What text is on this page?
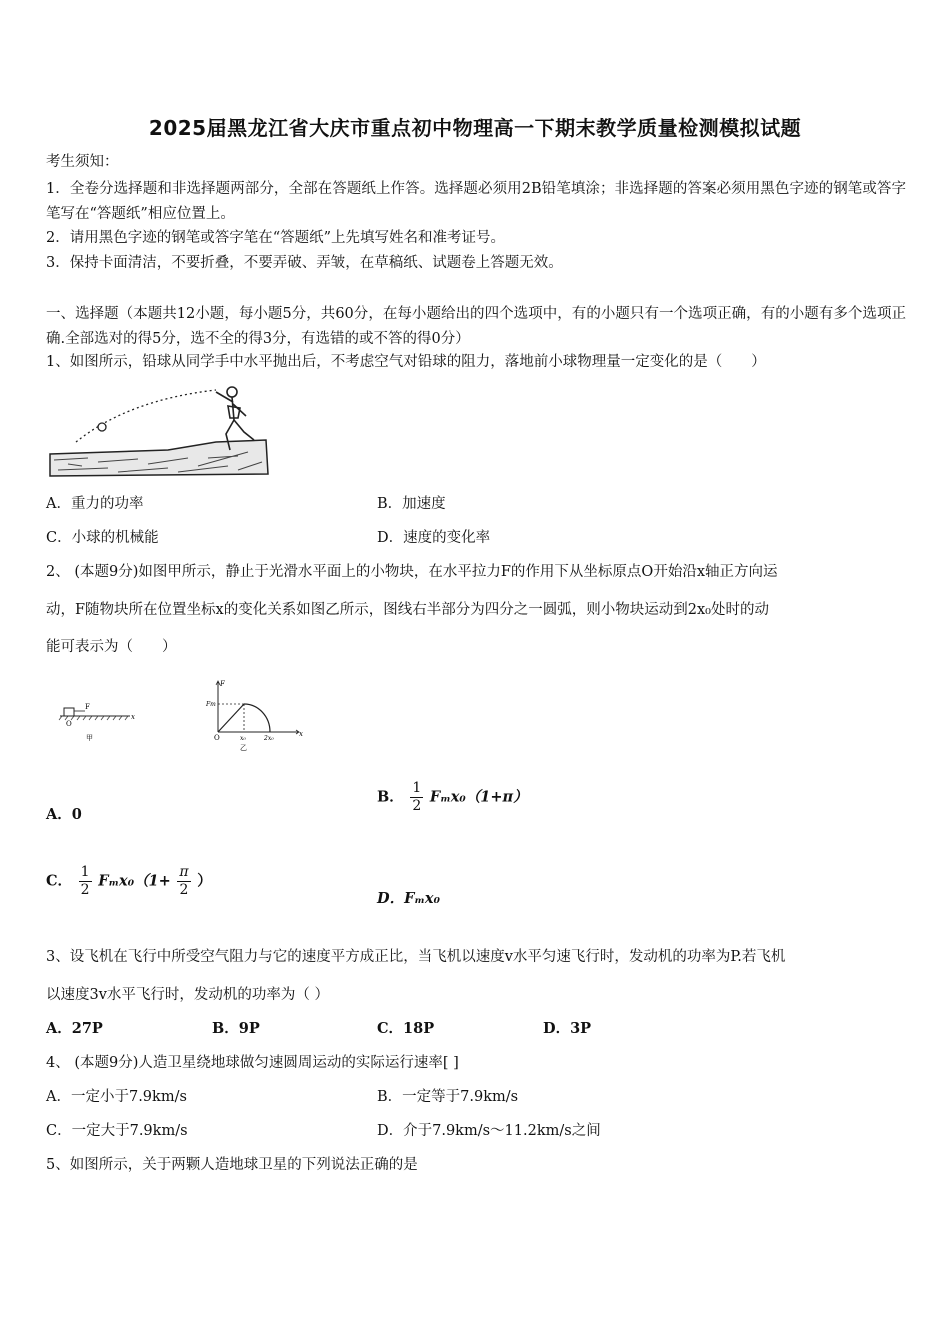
2025届黑龙江省大庆市重点初中物理高一下期末教学质量检测模拟试题
考生须知：
1．全卷分选择题和非选择题两部分，全部在答题纸上作答。选择题必须用2B铅笔填涂；非选择题的答案必须用黑色字迹的钢笔或答字笔写在“答题纸”相应位置上。
2．请用黑色字迹的钢笔或答字笔在“答题纸”上先填写姓名和准考证号。
3．保持卡面清洁，不要折叠，不要弄破、弄皱，在草稿纸、试题卷上答题无效。
一、选择题（本题共12小题，每小题5分，共60分，在每小题给出的四个选项中，有的小题只有一个选项正确，有的小题有多个选项正确.全部选对的得5分，选不全的得3分，有选错的或不答的得0分）
1、如图所示，铅球从同学手中水平抛出后，不考虑空气对铅球的阻力，落地前小球物理量一定变化的是（　　）
A．重力的功率	B．加速度
C．小球的机械能	D．速度的变化率
2、 (本题9分)如图甲所示，静止于光滑水平面上的小物块，在水平拉力F的作用下从坐标原点O开始沿x轴正方向运
动，F随物块所在位置坐标x的变化关系如图乙所示，图线右半部分为四分之一圆弧，则小物块运动到2x₀处时的动
能可表示为（　　）
F
x
O
甲
F
x
O
Fm
x₀	2x₀
乙
A．0
B． $\frac{1}{2} F_mx_0(1+\pi)$
C． $\frac{1}{2} F_mx_0(1+ \frac{\pi}{2}$ ）
D．Fₘx₀
3、设飞机在飞行中所受空气阻力与它的速度平方成正比，当飞机以速度v水平匀速飞行时，发动机的功率为P.若飞机
以速度3v水平飞行时，发动机的功率为（ ）
A．27P	B．9P	C．18P	D．3P
4、 (本题9分)人造卫星绕地球做匀速圆周运动的实际运行速率[ ]
A．一定小于7.9km/s	B．一定等于7.9km/s
C．一定大于7.9km/s	D．介于7.9km/s～11.2km/s之间
5、如图所示，关于两颗人造地球卫星的下列说法正确的是
